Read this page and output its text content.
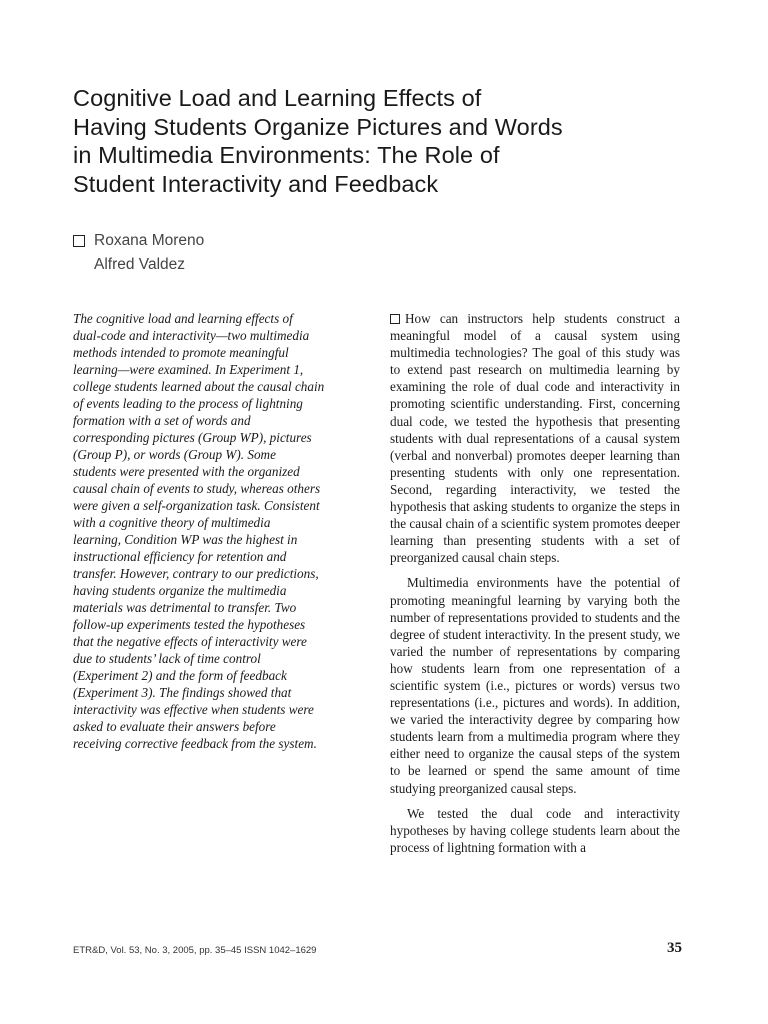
Cognitive Load and Learning Effects of
Having Students Organize Pictures and Words
in Multimedia Environments: The Role of
Student Interactivity and Feedback
Roxana Moreno
Alfred Valdez
The cognitive load and learning effects of
dual-code and interactivity—two multimedia
methods intended to promote meaningful
learning—were examined. In Experiment 1,
college students learned about the causal chain
of events leading to the process of lightning
formation with a set of words and
corresponding pictures (Group WP), pictures
(Group P), or words (Group W). Some
students were presented with the organized
causal chain of events to study, whereas others
were given a self-organization task. Consistent
with a cognitive theory of multimedia
learning, Condition WP was the highest in
instructional efficiency for retention and
transfer. However, contrary to our predictions,
having students organize the multimedia
materials was detrimental to transfer. Two
follow-up experiments tested the hypotheses
that the negative effects of interactivity were
due to students’ lack of time control
(Experiment 2) and the form of feedback
(Experiment 3). The findings showed that
interactivity was effective when students were
asked to evaluate their answers before
receiving corrective feedback from the system.

How can instructors help students construct a meaningful model of a causal system using multimedia technologies? The goal of this study was to extend past research on multimedia learning by examining the role of dual code and interactivity in promoting scientific understanding. First, concerning dual code, we tested the hypothesis that presenting students with dual representations of a causal system (verbal and nonverbal) promotes deeper learning than presenting students with only one representation. Second, regarding interactivity, we tested the hypothesis that asking students to organize the steps in the causal chain of a scientific system promotes deeper learning than presenting students with a set of preorganized causal chain steps.

Multimedia environments have the potential of promoting meaningful learning by varying both the number of representations provided to students and the degree of student interactivity. In the present study, we varied the number of representations by comparing how students learn from one representation of a scientific system (i.e., pictures or words) versus two representations (i.e., pictures and words). In addition, we varied the interactivity degree by comparing how students learn from a multimedia program where they either need to organize the causal steps of the system to be learned or spend the same amount of time studying preorganized causal steps.

We tested the dual code and interactivity hypotheses by having college students learn about the process of lightning formation with a

ETR&D, Vol. 53, No. 3, 2005, pp. 35–45 ISSN 1042–1629	35
